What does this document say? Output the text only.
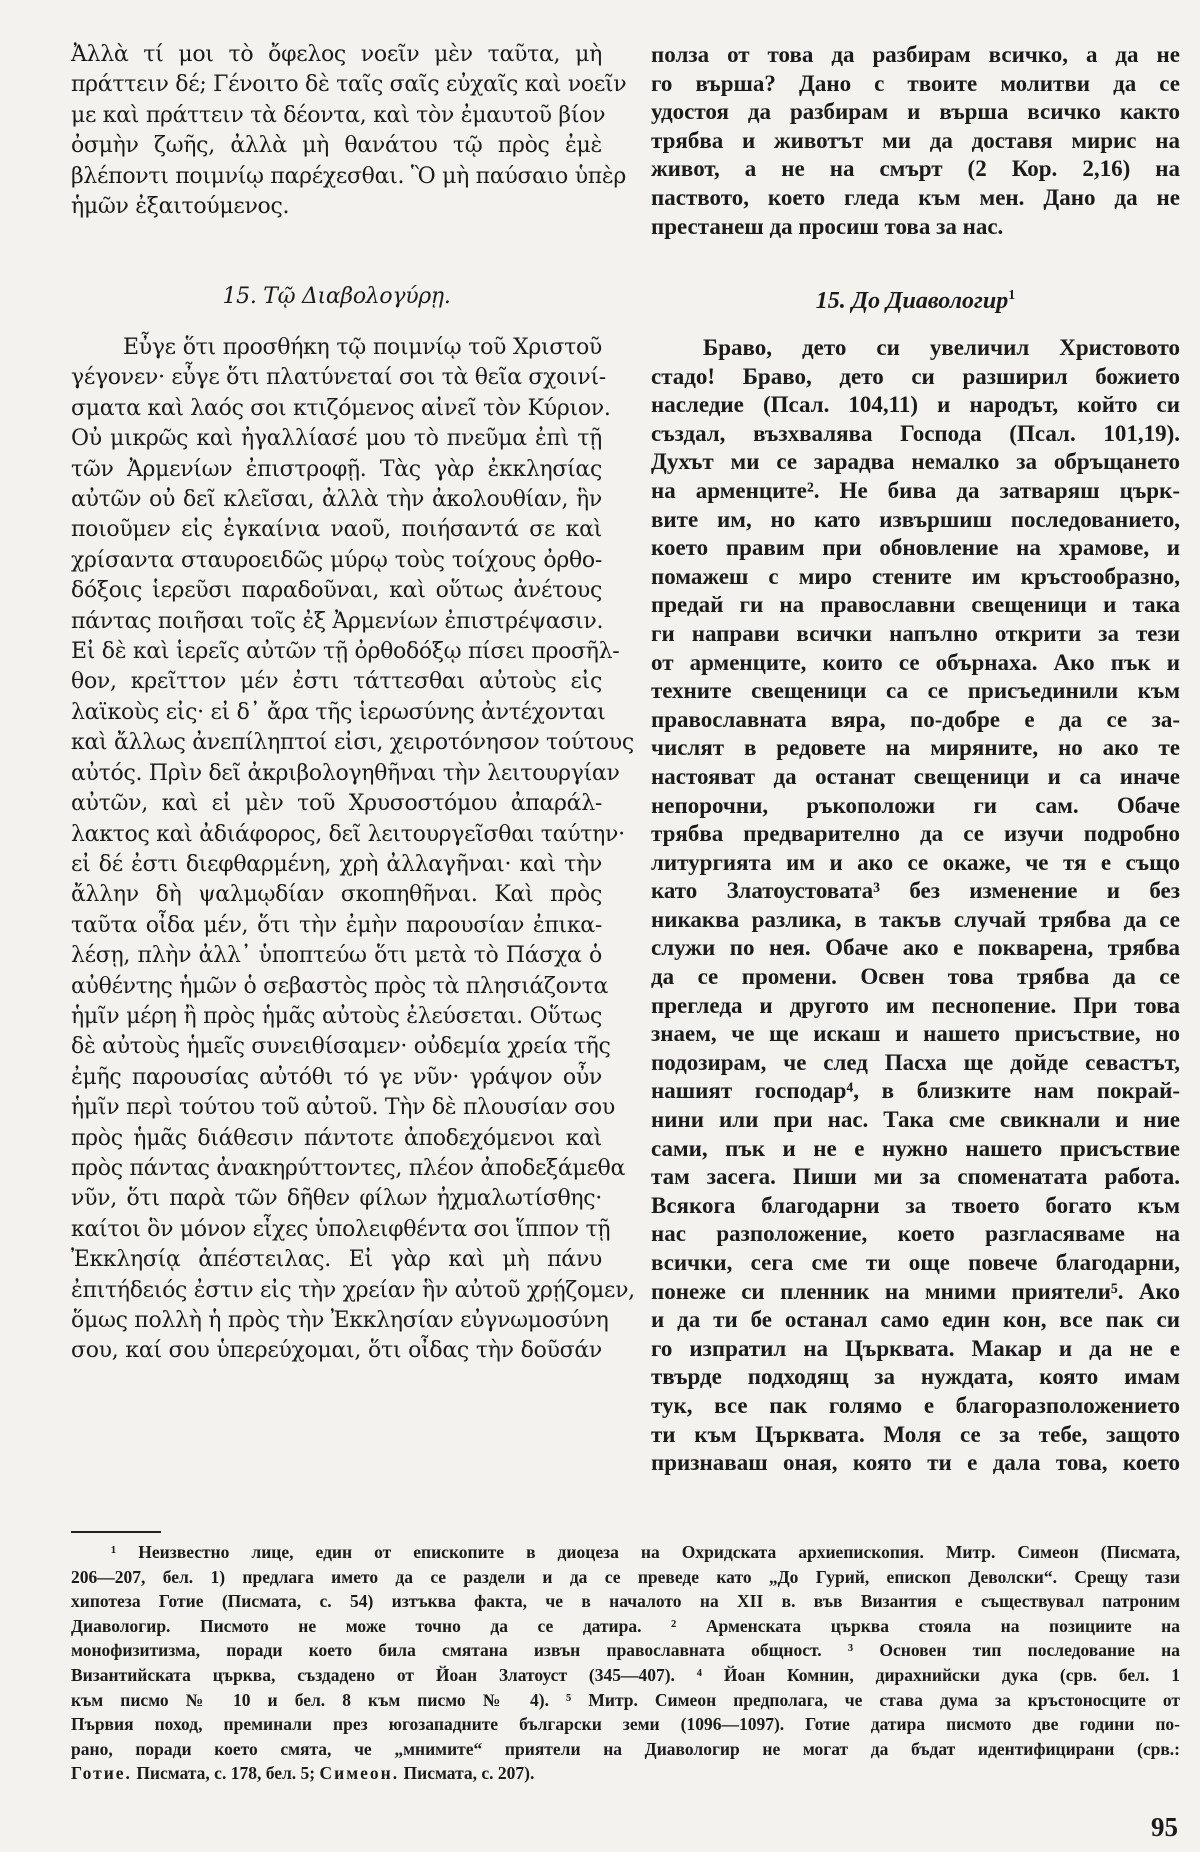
Ἀλλὰ τί μοι τὸ ὄφελος νοεῖν μὲν ταῦτα, μὴ
πράττειν δέ; Γένοιτο δὲ ταῖς σαῖς εὐχαῖς καὶ νοεῖν
με καὶ πράττειν τὰ δέοντα, καὶ τὸν ἐμαυτοῦ βίον
ὀσμὴν ζωῆς, ἀλλὰ μὴ θανάτου τῷ πρὸς ἐμὲ
βλέποντι ποιμνίῳ παρέχεσθαι. Ὃ μὴ παύσαιο ὑπὲρ
ἡμῶν ἐξαιτούμενος.
15. Τῷ Διαβολογύρῃ.
Εὖγε ὅτι προσθήκη τῷ ποιμνίῳ τοῦ Χριστοῦ
γέγονεν· εὖγε ὅτι πλατύνεταί σοι τὰ θεῖα σχοινί-
σματα καὶ λαός σοι κτιζόμενος αἰνεῖ τὸν Κύριον.
Οὐ μικρῶς καὶ ἠγαλλίασέ μου τὸ πνεῦμα ἐπὶ τῇ
τῶν Ἀρμενίων ἐπιστροφῇ. Τὰς γὰρ ἐκκλησίας
αὐτῶν οὐ δεῖ κλεῖσαι, ἀλλὰ τὴν ἀκολουθίαν, ἣν
ποιοῦμεν εἰς ἐγκαίνια ναοῦ, ποιήσαντά σε καὶ
χρίσαντα σταυροειδῶς μύρῳ τοὺς τοίχους ὀρθο-
δόξοις ἱερεῦσι παραδοῦναι, καὶ οὕτως ἀνέτους
πάντας ποιῆσαι τοῖς ἐξ Ἀρμενίων ἐπιστρέψασιν.
Εἰ δὲ καὶ ἱερεῖς αὐτῶν τῇ ὀρθοδόξῳ πίσει προσῆλ-
θον, κρεῖττον μέν ἐστι τάττεσθαι αὐτοὺς εἰς
λαϊκοὺς εἰς· εἰ δ᾿ ἄρα τῆς ἱερωσύνης ἀντέχονται
καὶ ἄλλως ἀνεπίληπτοί εἰσι, χειροτόνησον τούτους
αὐτός. Πρὶν δεῖ ἀκριβολογηθῆναι τὴν λειτουργίαν
αὐτῶν, καὶ εἰ μὲν τοῦ Χρυσοστόμου ἀπαράλ-
λακτος καὶ ἀδιάφορος, δεῖ λειτουργεῖσθαι ταύτην·
εἰ δέ ἐστι διεφθαρμένη, χρὴ ἀλλαγῆναι· καὶ τὴν
ἄλλην δὴ ψαλμῳδίαν σκοπηθῆναι. Καὶ πρὸς
ταῦτα οἶδα μέν, ὅτι τὴν ἐμὴν παρουσίαν ἐπικα-
λέσῃ, πλὴν ἀλλ᾿ ὑποπτεύω ὅτι μετὰ τὸ Πάσχα ὁ
αὐθέντης ἡμῶν ὁ σεβαστὸς πρὸς τὰ πλησιάζοντα
ἡμῖν μέρη ἢ πρὸς ἡμᾶς αὐτοὺς ἐλεύσεται. Οὕτως
δὲ αὐτοὺς ἡμεῖς συνειθίσαμεν· οὐδεμία χρεία τῆς
ἐμῆς παρουσίας αὐτόθι τό γε νῦν· γράψον οὖν
ἡμῖν περὶ τούτου τοῦ αὐτοῦ. Τὴν δὲ πλουσίαν σου
πρὸς ἡμᾶς διάθεσιν πάντοτε ἀποδεχόμενοι καὶ
πρὸς πάντας ἀνακηρύττοντες, πλέον ἀποδεξάμεθα
νῦν, ὅτι παρὰ τῶν δῆθεν φίλων ἠχμαλωτίσθης·
καίτοι ὃν μόνον εἶχες ὑπολειφθέντα σοι ἵππον τῇ
Ἐκκλησίᾳ ἀπέστειλας. Εἰ γὰρ καὶ μὴ πάνυ
ἐπιτήδειός ἐστιν εἰς τὴν χρείαν ἣν αὐτοῦ χρῄζομεν,
ὅμως πολλὴ ἡ πρὸς τὴν Ἐκκλησίαν εὐγνωμοσύνη
σου, καί σου ὑπερεύχομαι, ὅτι οἶδας τὴν δοῦσάν
полза от това да разбирам всичко, а да не
го върша? Дано с твоите молитви да се
удостоя да разбирам и върша всичко както
трябва и животът ми да доставя мирис на
живот, а не на смърт (2 Кор. 2,16) на
паството, което гледа към мен. Дано да не
престанеш да просиш това за нас.
15. До Диавологир$^1$
Браво, дето си увеличил Христовото
стадо! Браво, дето си разширил божието
наследие (Псал. 104,11) и народът, който си
създал, възхвалява Господа (Псал. 101,19).
Духът ми се зарадва немалко за обръщането
на арменците². Не бива да затваряш църк-
вите им, но като извършиш последованието,
което правим при обновление на храмове, и
помажеш с миро стените им кръстообразно,
предай ги на православни свещеници и така
ги направи всички напълно открити за тези
от арменците, които се обърнаха. Ако пък и
техните свещеници са се присъединили към
православната вяра, по-добре е да се за-
числят в редовете на миряните, но ако те
настояват да останат свещеници и са иначе
непорочни, ръкоположи ги сам. Обаче
трябва предварително да се изучи подробно
литургията им и ако се окаже, че тя е също
като Златоустовата³ без изменение и без
никаква разлика, в такъв случай трябва да се
служи по нея. Обаче ако е покварена, трябва
да се промени. Освен това трябва да се
прегледа и другото им песнопение. При това
знаем, че ще искаш и нашето присъствие, но
подозирам, че след Пасха ще дойде севастът,
нашият господар⁴, в близките нам покрай-
нини или при нас. Така сме свикнали и ние
сами, пък и не е нужно нашето присъствие
там засега. Пиши ми за споменатата работа.
Всякога благодарни за твоето богато към
нас разположение, което разгласяваме на
всички, сега сме ти още повече благодарни,
понеже си пленник на мними приятели⁵. Ако
и да ти бе останал само един кон, все пак си
го изпратил на Църквата. Макар и да не е
твърде подходящ за нуждата, която имам
тук, все пак голямо е благоразположението
ти към Църквата. Моля се за тебе, защото
признаваш оная, която ти е дала това, което
¹ Неизвестно лице, един от епископите в диоцеза на Охридската архиепископия. Митр. Симеон (Писмата,
206—207, бел. 1) предлага името да се раздели и да се преведе като „До Гурий, епископ Деволски“. Срещу тази
хипотеза Готие (Писмата, с. 54) изтъква факта, че в началото на XII в. във Византия е съществувал патроним
Диавологир. Писмото не може точно да се датира. ² Арменската църква стояла на позициите на
монофизитизма, поради което била смятана извън православната общност. ³ Основен тип последование на
Византийската църква, създадено от Йоан Златоуст (345—407). ⁴ Йоан Комнин, дирахнийски дука (срв. бел. 1
към писмо № 10 и бел. 8 към писмо № 4). ⁵ Митр. Симеон предполага, че става дума за кръстоносците от
Първия поход, преминали през югозападните български земи (1096—1097). Готие датира писмото две години по-
рано, поради което смята, че „мнимите“ приятели на Диавологир не могат да бъдат идентифицирани (срв.:
Готие. Писмата, с. 178, бел. 5; Симеон. Писмата, с. 207).
95
